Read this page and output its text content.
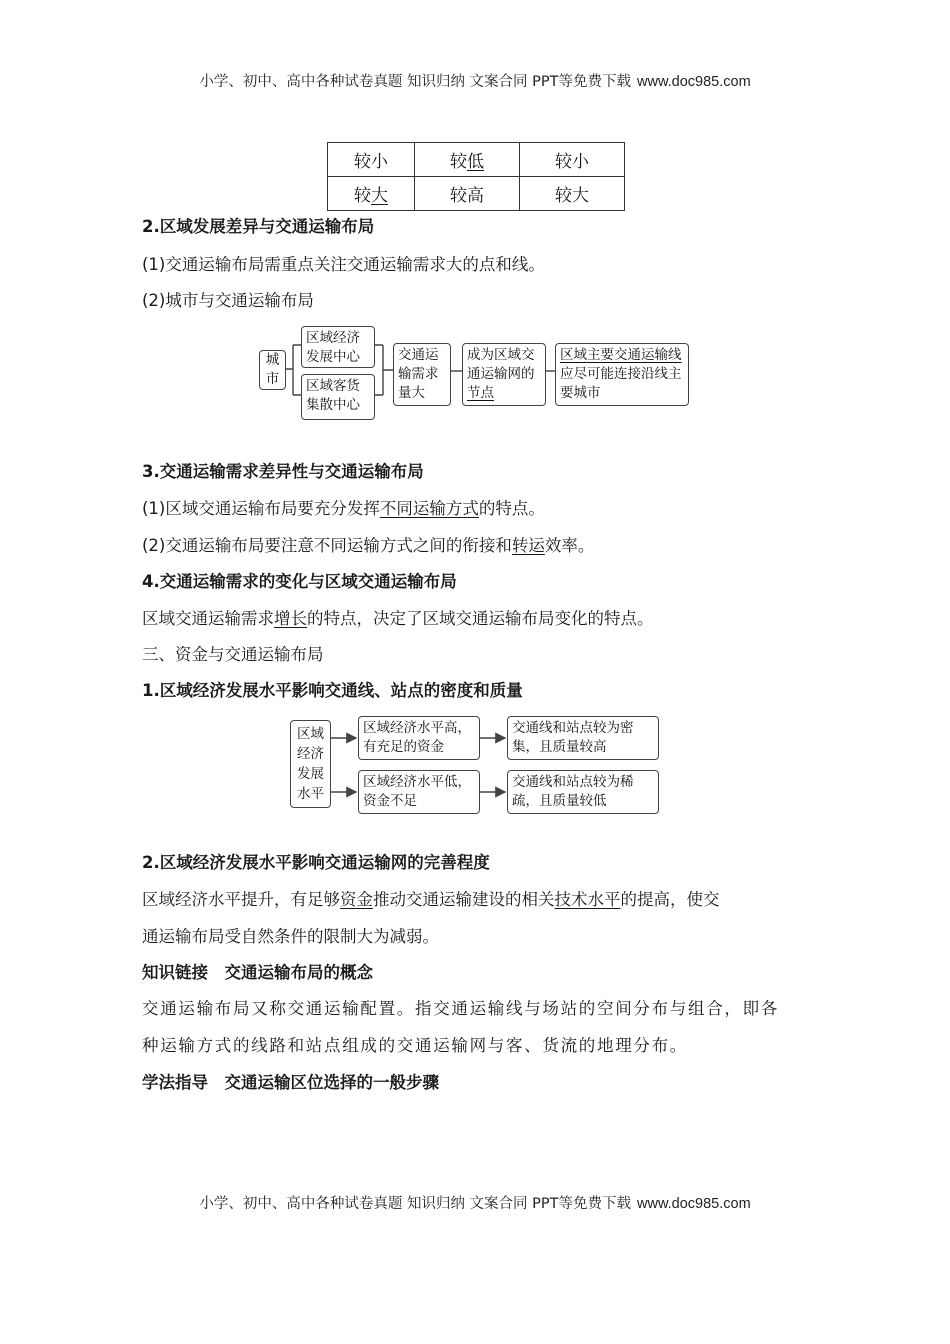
小学、初中、高中各种试卷真题 知识归纳 文案合同 PPT等免费下载 www.doc985.com
较小	较低	较小
较大	较高	较大
2.区域发展差异与交通运输布局
(1)交通运输布局需重点关注交通运输需求大的点和线。
(2)城市与交通运输布局
城市
区域经济发展中心
区域客货集散中心
交通运输需求量大
成为区域交通运输网的节点
区域主要交通运输线应尽可能连接沿线主要城市
3.交通运输需求差异性与交通运输布局
(1)区域交通运输布局要充分发挥不同运输方式的特点。
(2)交通运输布局要注意不同运输方式之间的衔接和转运效率。
4.交通运输需求的变化与区域交通运输布局
区域交通运输需求增长的特点，决定了区域交通运输布局变化的特点。
三、资金与交通运输布局
1.区域经济发展水平影响交通线、站点的密度和质量
区域经济发展水平
区域经济水平高，有充足的资金
区域经济水平低，资金不足
交通线和站点较为密集，且质量较高
交通线和站点较为稀疏，且质量较低
2.区域经济发展水平影响交通运输网的完善程度
区域经济水平提升，有足够资金推动交通运输建设的相关技术水平的提高，使交
通运输布局受自然条件的限制大为减弱。
知识链接　交通运输布局的概念
交通运输布局又称交通运输配置。指交通运输线与场站的空间分布与组合，即各
种运输方式的线路和站点组成的交通运输网与客、货流的地理分布。
学法指导　交通运输区位选择的一般步骤
小学、初中、高中各种试卷真题 知识归纳 文案合同 PPT等免费下载 www.doc985.com
